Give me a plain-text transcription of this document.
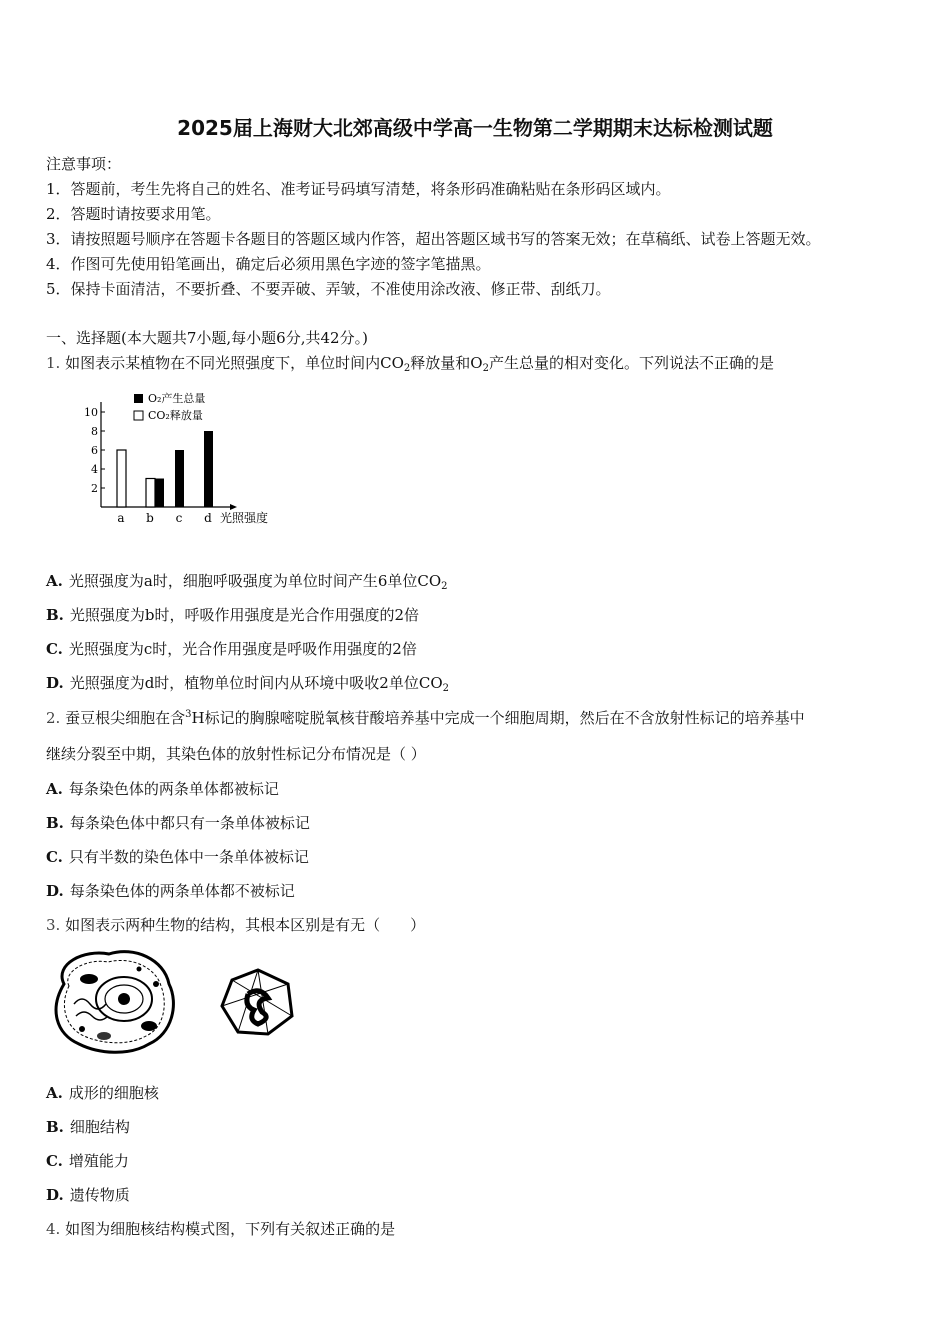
2025届上海财大北郊高级中学高一生物第二学期期末达标检测试题
注意事项：
1．答题前，考生先将自己的姓名、准考证号码填写清楚，将条形码准确粘贴在条形码区域内。
2．答题时请按要求用笔。
3．请按照题号顺序在答题卡各题目的答题区域内作答，超出答题区域书写的答案无效；在草稿纸、试卷上答题无效。
4．作图可先使用铅笔画出，确定后必须用黑色字迹的签字笔描黑。
5．保持卡面清洁，不要折叠、不要弄破、弄皱，不准使用涂改液、修正带、刮纸刀。
一、选择题(本大题共7小题,每小题6分,共42分。)
1. 如图表示某植物在不同光照强度下，单位时间内$CO_2$释放量和$O_2$产生总量的相对变化。下列说法不正确的是
O₂产生总量
CO₂释放量
2
4
6
8
10
a b c d 光照强度
A. 光照强度为a时，细胞呼吸强度为单位时间产生6单位$CO_2$
B. 光照强度为b时，呼吸作用强度是光合作用强度的2倍
C. 光照强度为c时，光合作用强度是呼吸作用强度的2倍
D. 光照强度为d时，植物单位时间内从环境中吸收2单位$CO_2$
2. 蚕豆根尖细胞在含$^3$H标记的胸腺嘧啶脱氧核苷酸培养基中完成一个细胞周期，然后在不含放射性标记的培养基中
继续分裂至中期，其染色体的放射性标记分布情况是（ ）
A. 每条染色体的两条单体都被标记
B. 每条染色体中都只有一条单体被标记
C. 只有半数的染色体中一条单体被标记
D. 每条染色体的两条单体都不被标记
3. 如图表示两种生物的结构，其根本区别是有无（　　）
A. 成形的细胞核
B. 细胞结构
C. 增殖能力
D. 遗传物质
4. 如图为细胞核结构模式图，下列有关叙述正确的是
